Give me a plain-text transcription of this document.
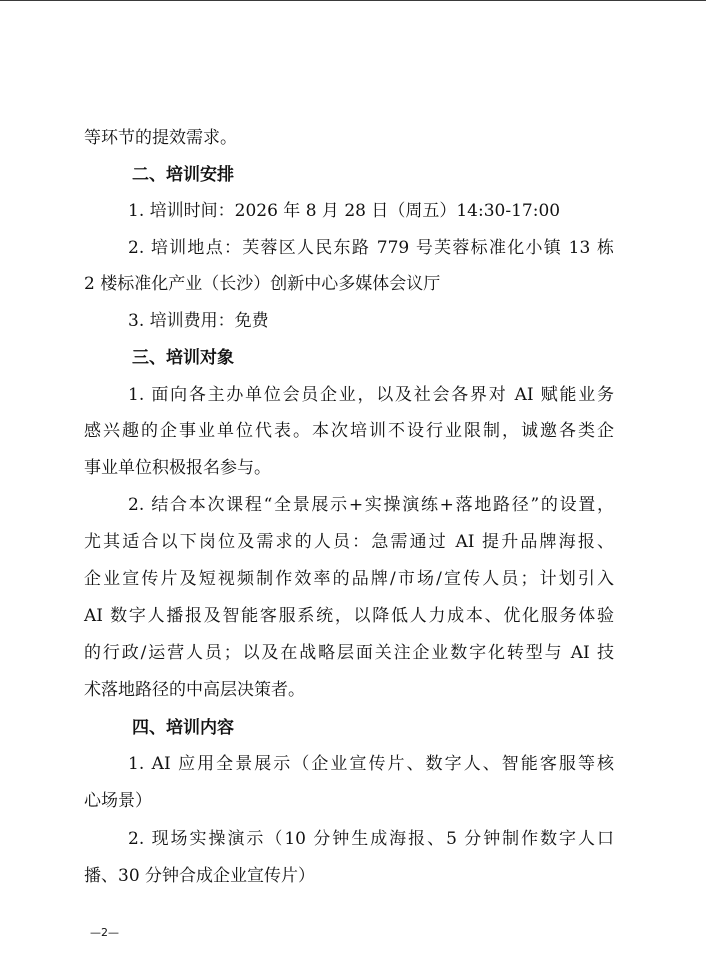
等环节的提效需求。
二、培训安排
1. 培训时间：2026 年 8 月 28 日（周五）14:30-17:00
2. 培训地点：芙蓉区人民东路 779 号芙蓉标准化小镇 13 栋
2 楼标准化产业（长沙）创新中心多媒体会议厅
3. 培训费用：免费
三、培训对象
1. 面向各主办单位会员企业，以及社会各界对 AI 赋能业务
感兴趣的企事业单位代表。本次培训不设行业限制，诚邀各类企
事业单位积极报名参与。
2. 结合本次课程“全景展示+实操演练+落地路径”的设置，
尤其适合以下岗位及需求的人员：急需通过 AI 提升品牌海报、
企业宣传片及短视频制作效率的品牌/市场/宣传人员；计划引入
AI 数字人播报及智能客服系统，以降低人力成本、优化服务体验
的行政/运营人员；以及在战略层面关注企业数字化转型与 AI 技
术落地路径的中高层决策者。
四、培训内容
1. AI 应用全景展示（企业宣传片、数字人、智能客服等核
心场景）
2. 现场实操演示（10 分钟生成海报、5 分钟制作数字人口
播、30 分钟合成企业宣传片）
—2—
